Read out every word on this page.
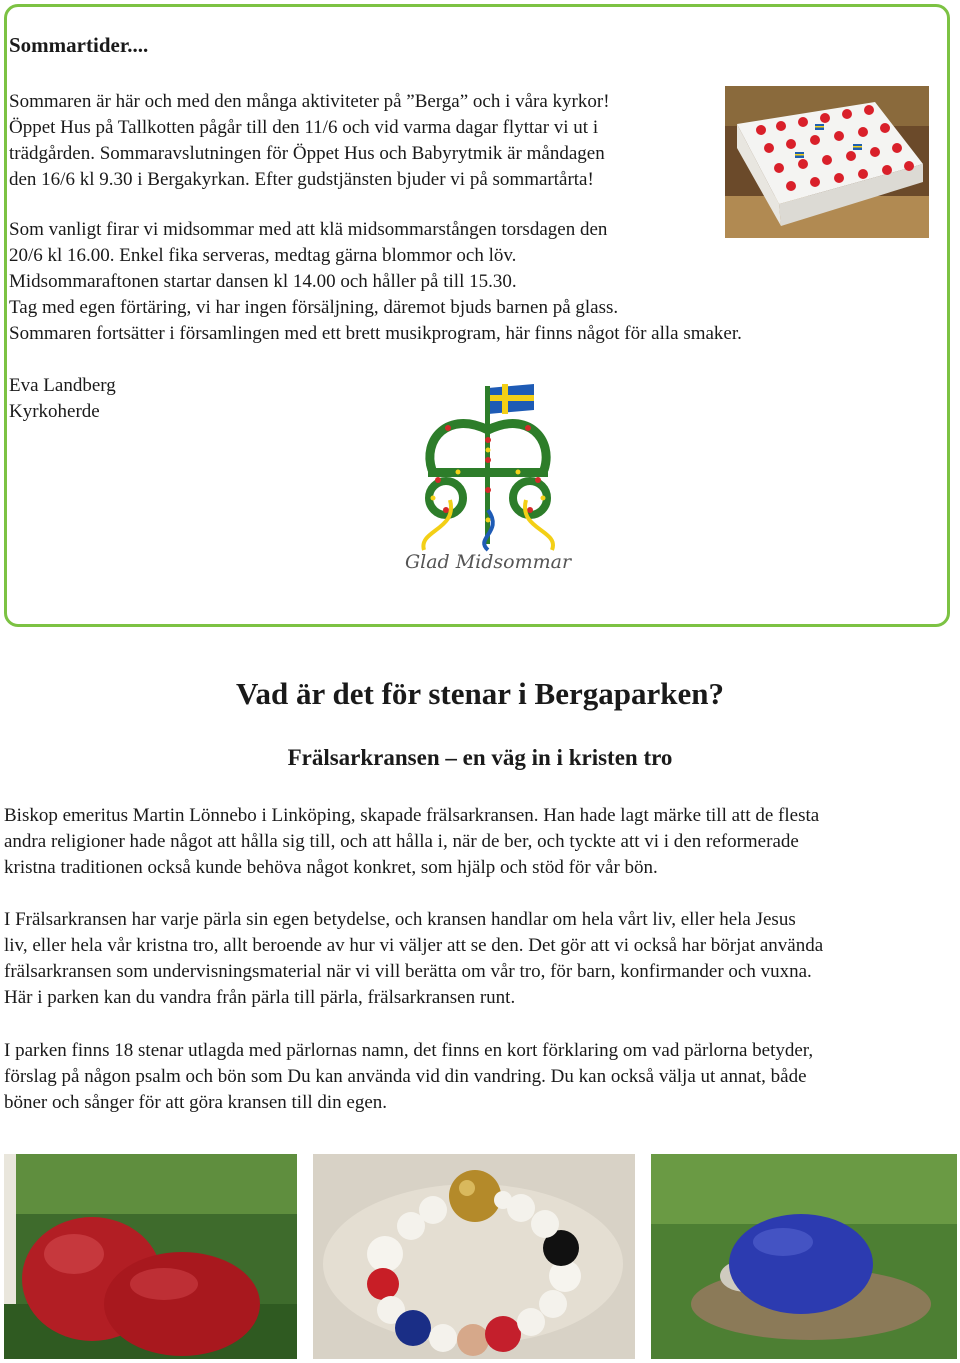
Sommartider....

Sommaren är här och med den många aktiviteter på ”Berga” och i våra kyrkor!

Öppet Hus på Tallkotten pågår till den 11/6 och vid varma dagar flyttar vi ut i

trädgården. Sommaravslutningen för Öppet Hus och Babyrytmik är måndagen

den 16/6 kl 9.30 i Bergakyrkan. Efter gudstjänsten bjuder vi på sommartårta!

Som vanligt firar vi midsommar med att klä midsommarstången torsdagen den

20/6 kl 16.00. Enkel fika serveras, medtag gärna blommor och löv.

Midsommaraftonen startar dansen kl 14.00 och håller på till 15.30.

Tag med egen förtäring, vi har ingen försäljning, däremot bjuds barnen på glass.

Sommaren fortsätter i församlingen med ett brett musikprogram, här finns något för alla smaker.

Eva Landberg

Kyrkoherde

Glad Midsommar
Vad är det för stenar i Bergaparken?
Frälsarkransen – en väg in i kristen tro

Biskop emeritus Martin Lönnebo i Linköping, skapade frälsarkransen. Han hade lagt märke till att de flesta

andra religioner hade något att hålla sig till, och att hålla i, när de ber, och tyckte att vi i den reformerade

kristna traditionen också kunde behöva något konkret, som hjälp och stöd för vår bön.

I Frälsarkransen har varje pärla sin egen betydelse, och kransen handlar om hela vårt liv, eller hela Jesus

liv, eller hela vår kristna tro, allt beroende av hur vi väljer att se den. Det gör att vi också har börjat använda

frälsarkransen som undervisningsmaterial när vi vill berätta om vår tro, för barn, konfirmander och vuxna.

Här i parken kan du vandra från pärla till pärla, frälsarkransen runt.

I parken finns 18 stenar utlagda med pärlornas namn, det finns en kort förklaring om vad pärlorna betyder,

förslag på någon psalm och bön som Du kan använda vid din vandring. Du kan också välja ut annat, både

böner och sånger för att göra kransen till din egen.
